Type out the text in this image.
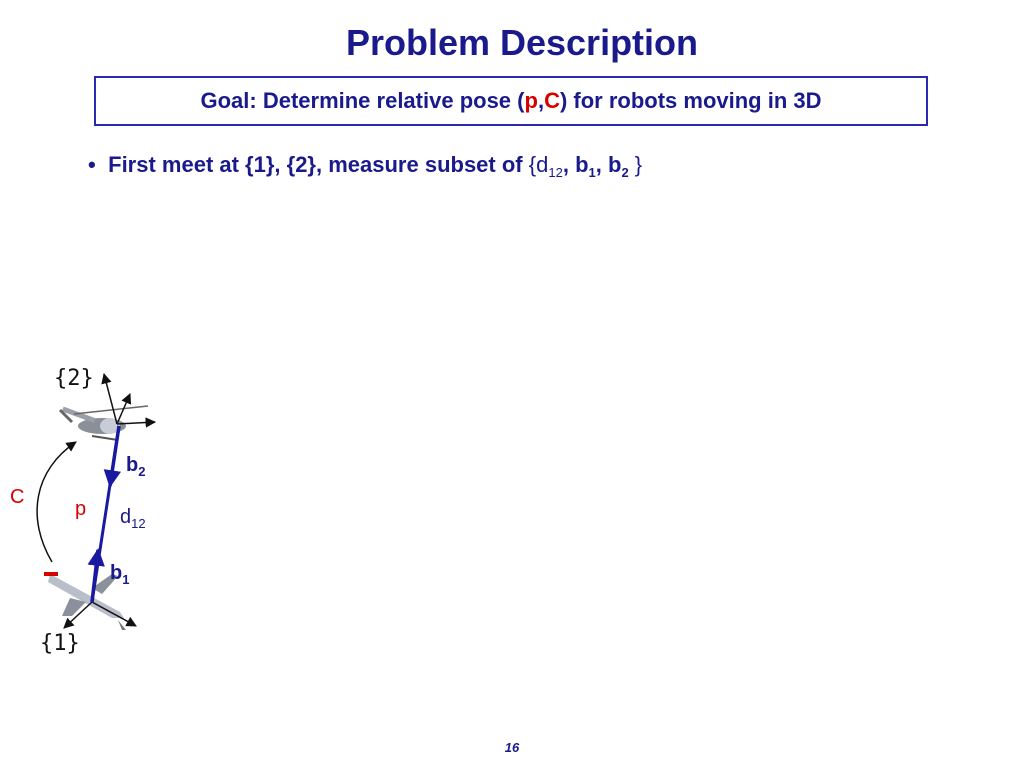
Problem Description
Goal: Determine relative pose ( p , C ) for robots moving in 3D
• First meet at {1}, {2}, measure subset of {$d_{12}$, $b_1$, $b_2$ }
{2}
{1}
$b_2$
$b_1$
C
p $d_{12}$
16
